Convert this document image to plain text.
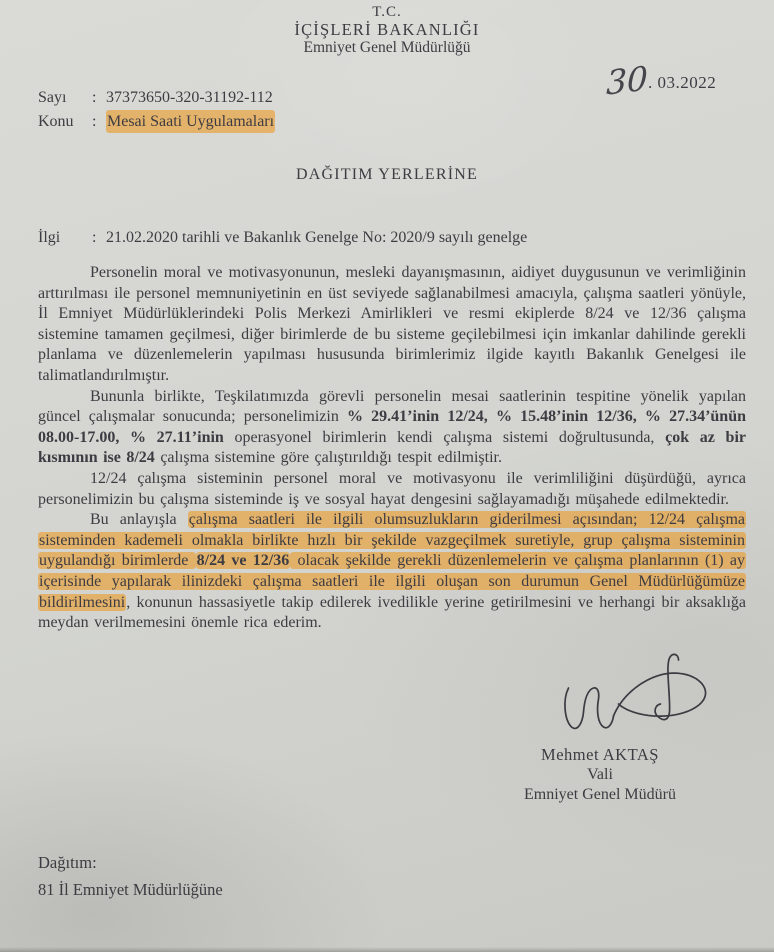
T.C.
İÇİŞLERİ BAKANLIĞI
Emniyet Genel Müdürlüğü
Sayı	: 37373650-320-31192-112
Konu	: Mesai Saati Uygulamaları
30. 03.2022
DAĞITIM YERLERİNE
İlgi	: 21.02.2020 tarihli ve Bakanlık Genelge No: 2020/9 sayılı genelge

Personelin moral ve motivasyonunun, mesleki dayanışmasının, aidiyet duygusunun ve verimliğinin arttırılması ile personel memnuniyetinin en üst seviyede sağlanabilmesi amacıyla, çalışma saatleri yönüyle, İl Emniyet Müdürlüklerindeki Polis Merkezi Amirlikleri ve resmi ekiplerde 8/24 ve 12/36 çalışma sistemine tamamen geçilmesi, diğer birimlerde de bu sisteme geçilebilmesi için imkanlar dahilinde gerekli planlama ve düzenlemelerin yapılması hususunda birimlerimiz ilgide kayıtlı Bakanlık Genelgesi ile talimatlandırılmıştır.

Bununla birlikte, Teşkilatımızda görevli personelin mesai saatlerinin tespitine yönelik yapılan güncel çalışmalar sonucunda; personelimizin % 29.41’inin 12/24, % 15.48’inin 12/36, % 27.34’ünün 08.00-17.00, % 27.11’inin operasyonel birimlerin kendi çalışma sistemi doğrultusunda, çok az bir kısmının ise 8/24 çalışma sistemine göre çalıştırıldığı tespit edilmiştir.

12/24 çalışma sisteminin personel moral ve motivasyonu ile verimliliğini düşürdüğü, ayrıca personelimizin bu çalışma sisteminde iş ve sosyal hayat dengesini sağlayamadığı müşahede edilmektedir.

Bu anlayışla çalışma saatleri ile ilgili olumsuzlukların giderilmesi açısından; 12/24 çalışma sisteminden kademeli olmakla birlikte hızlı bir şekilde vazgeçilmek suretiyle, grup çalışma sisteminin uygulandığı birimlerde 8/24 ve 12/36 olacak şekilde gerekli düzenlemelerin ve çalışma planlarının (1) ay içerisinde yapılarak ilinizdeki çalışma saatleri ile ilgili oluşan son durumun Genel Müdürlüğümüze bildirilmesini, konunun hassasiyetle takip edilerek ivedilikle yerine getirilmesini ve herhangi bir aksaklığa meydan verilmemesini önemle rica ederim.

Mehmet AKTAŞ
Vali
Emniyet Genel Müdürü
Dağıtım:
81 İl Emniyet Müdürlüğüne
